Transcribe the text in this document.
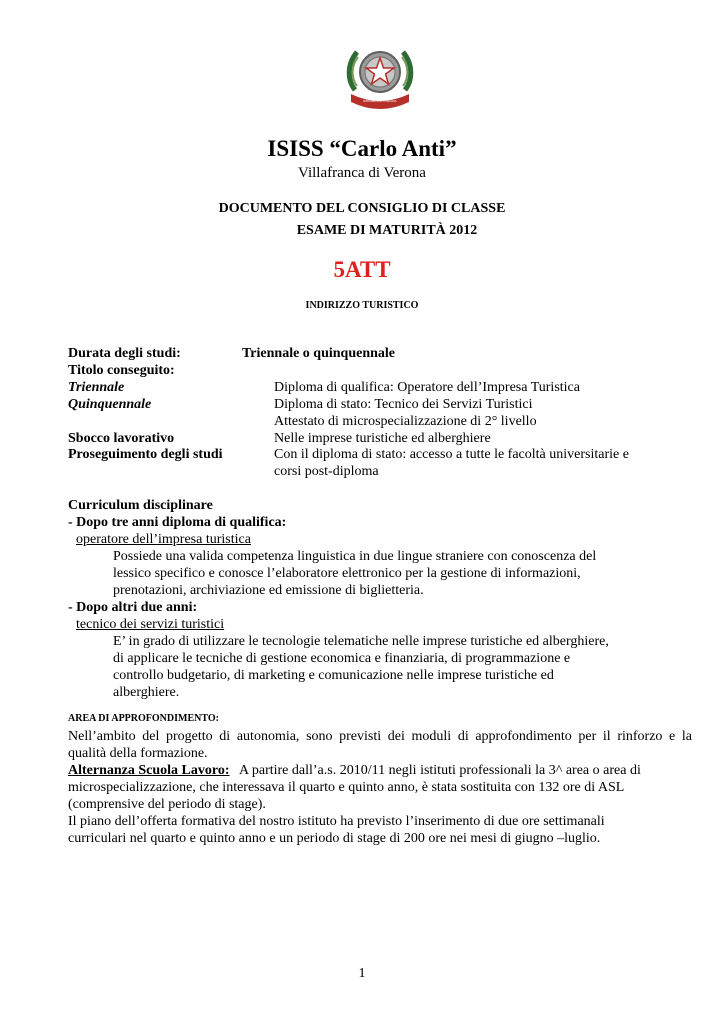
REPUBBLICA ITALIANA
ISISS “Carlo Anti”
Villafranca di Verona
DOCUMENTO DEL CONSIGLIO DI CLASSE
ESAME DI MATURITÀ 2012
5ATT
INDIRIZZO TURISTICO
Durata degli studi:	Triennale o quinquennale
Titolo conseguito:
Triennale	Diploma di qualifica: Operatore dell’Impresa Turistica
Quinquennale	Diploma di stato: Tecnico dei Servizi Turistici
Attestato di microspecializzazione di 2° livello
Sbocco lavorativo	Nelle imprese turistiche ed alberghiere
Proseguimento degli studi	Con il diploma di stato: accesso a tutte le facoltà universitarie e
corsi post-diploma
Curriculum disciplinare
- Dopo tre anni diploma di qualifica:
operatore dell’impresa turistica
Possiede una valida competenza linguistica in due lingue straniere con conoscenza del
lessico specifico e conosce l’elaboratore elettronico per la gestione di informazioni,
prenotazioni, archiviazione ed emissione di biglietteria.
- Dopo altri due anni:
tecnico dei servizi turistici
E’ in grado di utilizzare le tecnologie telematiche nelle imprese turistiche ed alberghiere,
di applicare le tecniche di gestione economica e finanziaria, di programmazione e
controllo budgetario, di marketing e comunicazione nelle imprese turistiche ed
alberghiere.
AREA DI APPROFONDIMENTO:
Nell’ambito del progetto di autonomia, sono previsti dei moduli di approfondimento per il rinforzo e la
qualità della formazione.
Alternanza Scuola Lavoro: A partire dall’a.s. 2010/11 negli istituti professionali la 3^ area o area di
microspecializzazione, che interessava il quarto e quinto anno, è stata sostituita con 132 ore di ASL
(comprensive del periodo di stage).
Il piano dell’offerta formativa del nostro istituto ha previsto l’inserimento di due ore settimanali
curriculari nel quarto e quinto anno e un periodo di stage di 200 ore nei mesi di giugno –luglio.
1
